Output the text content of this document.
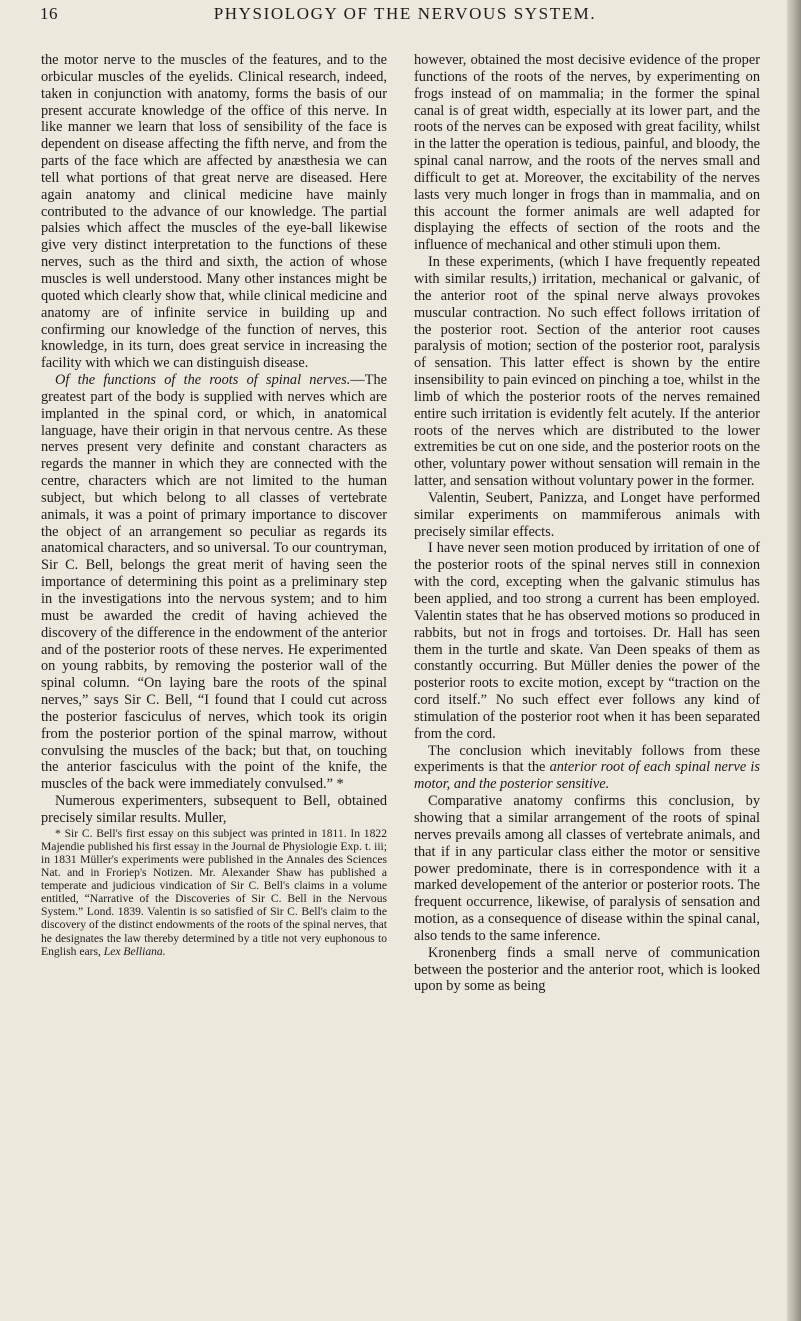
16	PHYSIOLOGY OF THE NERVOUS SYSTEM.

the motor nerve to the muscles of the features, and to the orbicular muscles of the eyelids. Clinical research, indeed, taken in conjunction with anatomy, forms the basis of our present accurate knowledge of the office of this nerve. In like manner we learn that loss of sensibility of the face is dependent on disease affecting the fifth nerve, and from the parts of the face which are affected by anæsthesia we can tell what portions of that great nerve are diseased. Here again anatomy and clinical medicine have mainly contributed to the advance of our knowledge. The partial palsies which affect the muscles of the eye-ball likewise give very distinct interpretation to the functions of these nerves, such as the third and sixth, the action of whose muscles is well understood. Many other instances might be quoted which clearly show that, while clinical medicine and anatomy are of infinite service in building up and confirming our knowledge of the function of nerves, this knowledge, in its turn, does great service in increasing the facility with which we can distinguish disease.

Of the functions of the roots of spinal nerves.—The greatest part of the body is supplied with nerves which are implanted in the spinal cord, or which, in anatomical language, have their origin in that nervous centre. As these nerves present very definite and constant characters as regards the manner in which they are connected with the centre, characters which are not limited to the human subject, but which belong to all classes of vertebrate animals, it was a point of primary importance to discover the object of an arrangement so peculiar as regards its anatomical characters, and so universal. To our countryman, Sir C. Bell, belongs the great merit of having seen the importance of determining this point as a preliminary step in the investigations into the nervous system; and to him must be awarded the credit of having achieved the discovery of the difference in the endowment of the anterior and of the posterior roots of these nerves. He experimented on young rabbits, by removing the posterior wall of the spinal column. “On laying bare the roots of the spinal nerves,” says Sir C. Bell, “I found that I could cut across the posterior fasciculus of nerves, which took its origin from the posterior portion of the spinal marrow, without convulsing the muscles of the back; but that, on touching the anterior fasciculus with the point of the knife, the muscles of the back were immediately convulsed.” *

Numerous experimenters, subsequent to Bell, obtained precisely similar results. Muller,

* Sir C. Bell's first essay on this subject was printed in 1811. In 1822 Majendie published his first essay in the Journal de Physiologie Exp. t. iii; in 1831 Müller's experiments were published in the Annales des Sciences Nat. and in Froriep's Notizen. Mr. Alexander Shaw has published a temperate and judicious vindication of Sir C. Bell's claims in a volume entitled, “Narrative of the Discoveries of Sir C. Bell in the Nervous System.” Lond. 1839. Valentin is so satisfied of Sir C. Bell's claim to the discovery of the distinct endowments of the roots of the spinal nerves, that he designates the law thereby determined by a title not very euphonous to English ears, Lex Belliana.

however, obtained the most decisive evidence of the proper functions of the roots of the nerves, by experimenting on frogs instead of on mammalia; in the former the spinal canal is of great width, especially at its lower part, and the roots of the nerves can be exposed with great facility, whilst in the latter the operation is tedious, painful, and bloody, the spinal canal narrow, and the roots of the nerves small and difficult to get at. Moreover, the excitability of the nerves lasts very much longer in frogs than in mammalia, and on this account the former animals are well adapted for displaying the effects of section of the roots and the influence of mechanical and other stimuli upon them.

In these experiments, (which I have frequently repeated with similar results,) irritation, mechanical or galvanic, of the anterior root of the spinal nerve always provokes muscular contraction. No such effect follows irritation of the posterior root. Section of the anterior root causes paralysis of motion; section of the posterior root, paralysis of sensation. This latter effect is shown by the entire insensibility to pain evinced on pinching a toe, whilst in the limb of which the posterior roots of the nerves remained entire such irritation is evidently felt acutely. If the anterior roots of the nerves which are distributed to the lower extremities be cut on one side, and the posterior roots on the other, voluntary power without sensation will remain in the latter, and sensation without voluntary power in the former.

Valentin, Seubert, Panizza, and Longet have performed similar experiments on mammiferous animals with precisely similar effects.

I have never seen motion produced by irritation of one of the posterior roots of the spinal nerves still in connexion with the cord, excepting when the galvanic stimulus has been applied, and too strong a current has been employed. Valentin states that he has observed motions so produced in rabbits, but not in frogs and tortoises. Dr. Hall has seen them in the turtle and skate. Van Deen speaks of them as constantly occurring. But Müller denies the power of the posterior roots to excite motion, except by “traction on the cord itself.” No such effect ever follows any kind of stimulation of the posterior root when it has been separated from the cord.

The conclusion which inevitably follows from these experiments is that the anterior root of each spinal nerve is motor, and the posterior sensitive.

Comparative anatomy confirms this conclusion, by showing that a similar arrangement of the roots of spinal nerves prevails among all classes of vertebrate animals, and that if in any particular class either the motor or sensitive power predominate, there is in correspondence with it a marked developement of the anterior or posterior roots. The frequent occurrence, likewise, of paralysis of sensation and motion, as a consequence of disease within the spinal canal, also tends to the same inference.

Kronenberg finds a small nerve of communication between the posterior and the anterior root, which is looked upon by some as being
